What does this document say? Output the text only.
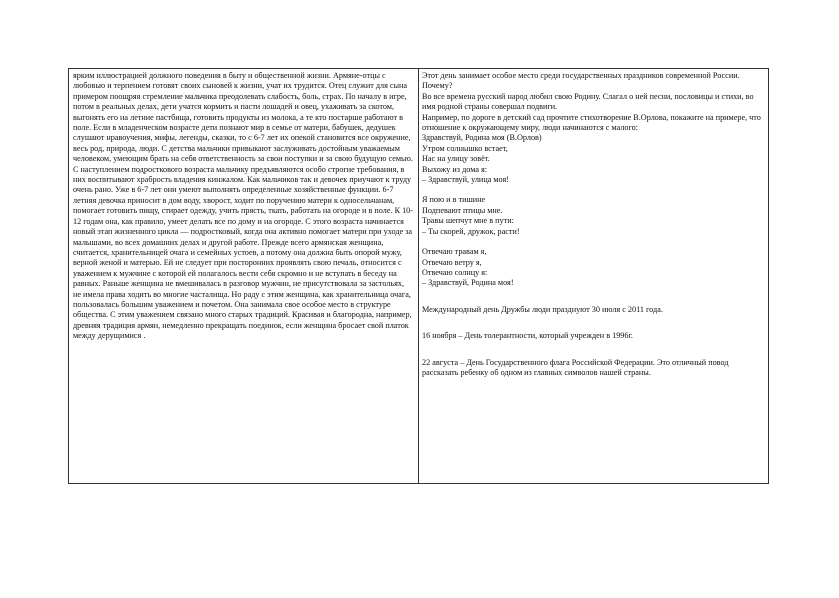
ярким иллюстрацией должного поведения в быту и общественной жизни. Армяне-отцы с любовью и терпением готовят своих сыновей к жизни, учат их трудится. Отец служит для сына примером поощряя стремление мальчика преодолевать слабость, боль, страх. По началу в игре, потом в реальных делах, дети учатся кормить и пасти лошадей и овец, ухаживать за скотом, выгонять его на летние пастбища, готовить продукты из молока, а те кто постарше работают в поле. Если в младенческом возрасте дети познают мир в семье от матери, бабушек, дедушек слушают нравоучения, мифы, легенды, сказки, то с 6-7 лет их опекой становится все окружение, весь род, природа, люди. С детства мальчики привыкают заслуживать достойным уважаемым человеком, умеющим брать на себя ответственность за свои поступки и за свою будущую семью. С наступлением подросткового возраста мальчику предъявляются особо строгие требования, в них воспитывают храбрость владения кинжалом. Как мальчиков так и девочек приучают к труду очень рано. Уже в 6-7 лет они умеют выполнять определенные хозяйственные функции. 6-7 летняя девочка приносит в дом воду, хворост, ходит по поручению матери к односельчанам, помогает готовить пищу, стирает одежду, учить прясть, ткать, работать на огороде и в поле. К 10-12 годам она, как правило, умеет делать все по дому и на огороде. С этого возраста начинается новый этап жизненного цикла — подростковый, когда она активно помогает матери при уходе за малышами, во всех домашних делах и другой работе. Прежде всего армянская женщина, считается, хранительницей очага и семейных устоев, а потому она должна быть опорой мужу, верной женой и матерью. Ей не следует при посторонних проявлять свою печаль, относится с уважением к мужчине с которой ей полагалось вести себя скромно и не вступать в беседу на равных. Раньше женщина не вмешивалась в разговор мужчин, не присутствовала за застольях, не имела права ходить во многие часталища. Но раду с этим женщина, как хранительница очага, пользовалась большим уважением и почетом. Она занимала свое особое место в структуре общества. С этим уважением связано много старых традиций. Красивая и благородна, например, древняя традиция армян, немедленно прекращать поединок, если женщина бросает свой платок между дерущимися .

Этот день занимает особое место среди государственных праздников современной России. Почему?

Во все времена русский народ любил свою Родину. Слагал о ней песни, пословицы и стихи, во имя родной страны совершал подвиги.

Например, по дороге в детский сад прочтите стихотворение В.Орлова, покажите на примере, что отношение к окружающему миру, люди начинаются с малого:

Здравствуй, Родина моя (В.Орлов)

Утром солнышко встает,

Нас на улицу зовёт.

Выхожу из дома я:

– Здравствуй, улица моя!

Я пою и в тишине

Подпевают птицы мне.

Травы шепчут мне в пути:

– Ты скорей, дружок, расти!

Отвечаю травам я,

Отвечаю ветру я,

Отвечаю солнцу я:

– Здравствуй, Родина моя!

Международный день Дружбы люди празднуют 30 июля с 2011 года.

16 ноября – День толерантности, который учрежден в 1996г.

22 августа – День Государственного флага Российской Федерации. Это отличный повод рассказать ребенку об одном из главных символов нашей страны.
